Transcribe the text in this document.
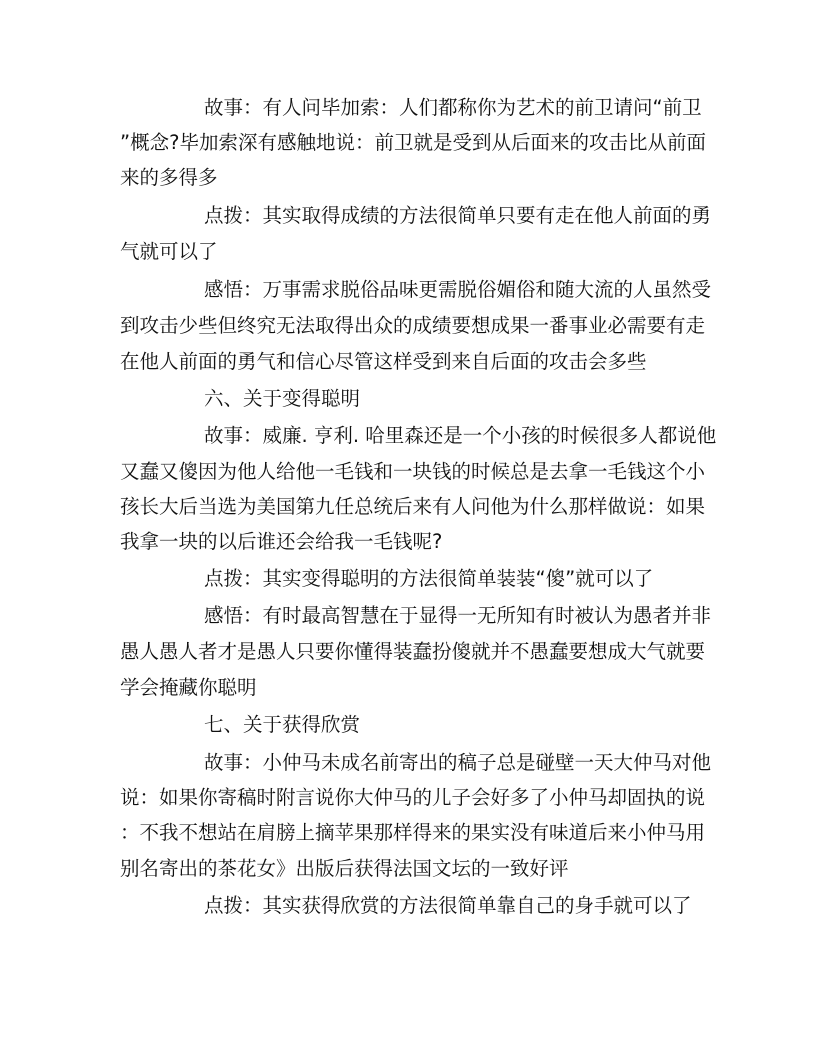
故事：有人问毕加索：人们都称你为艺术的前卫请问“前卫
”概念?毕加索深有感触地说：前卫就是受到从后面来的攻击比从前面
来的多得多
点拨：其实取得成绩的方法很简单只要有走在他人前面的勇
气就可以了
感悟：万事需求脱俗品味更需脱俗媚俗和随大流的人虽然受
到攻击少些但终究无法取得出众的成绩要想成果一番事业必需要有走
在他人前面的勇气和信心尽管这样受到来自后面的攻击会多些
六、关于变得聪明
故事：威廉. 亨利. 哈里森还是一个小孩的时候很多人都说他
又蠢又傻因为他人给他一毛钱和一块钱的时候总是去拿一毛钱这个小
孩长大后当选为美国第九任总统后来有人问他为什么那样做说：如果
我拿一块的以后谁还会给我一毛钱呢?
点拨：其实变得聪明的方法很简单装装“傻”就可以了
感悟：有时最高智慧在于显得一无所知有时被认为愚者并非
愚人愚人者才是愚人只要你懂得装蠢扮傻就并不愚蠢要想成大气就要
学会掩藏你聪明
七、关于获得欣赏
故事：小仲马未成名前寄出的稿子总是碰壁一天大仲马对他
说：如果你寄稿时附言说你大仲马的儿子会好多了小仲马却固执的说
：不我不想站在肩膀上摘苹果那样得来的果实没有味道后来小仲马用
别名寄出的茶花女》出版后获得法国文坛的一致好评
点拨：其实获得欣赏的方法很简单靠自己的身手就可以了
